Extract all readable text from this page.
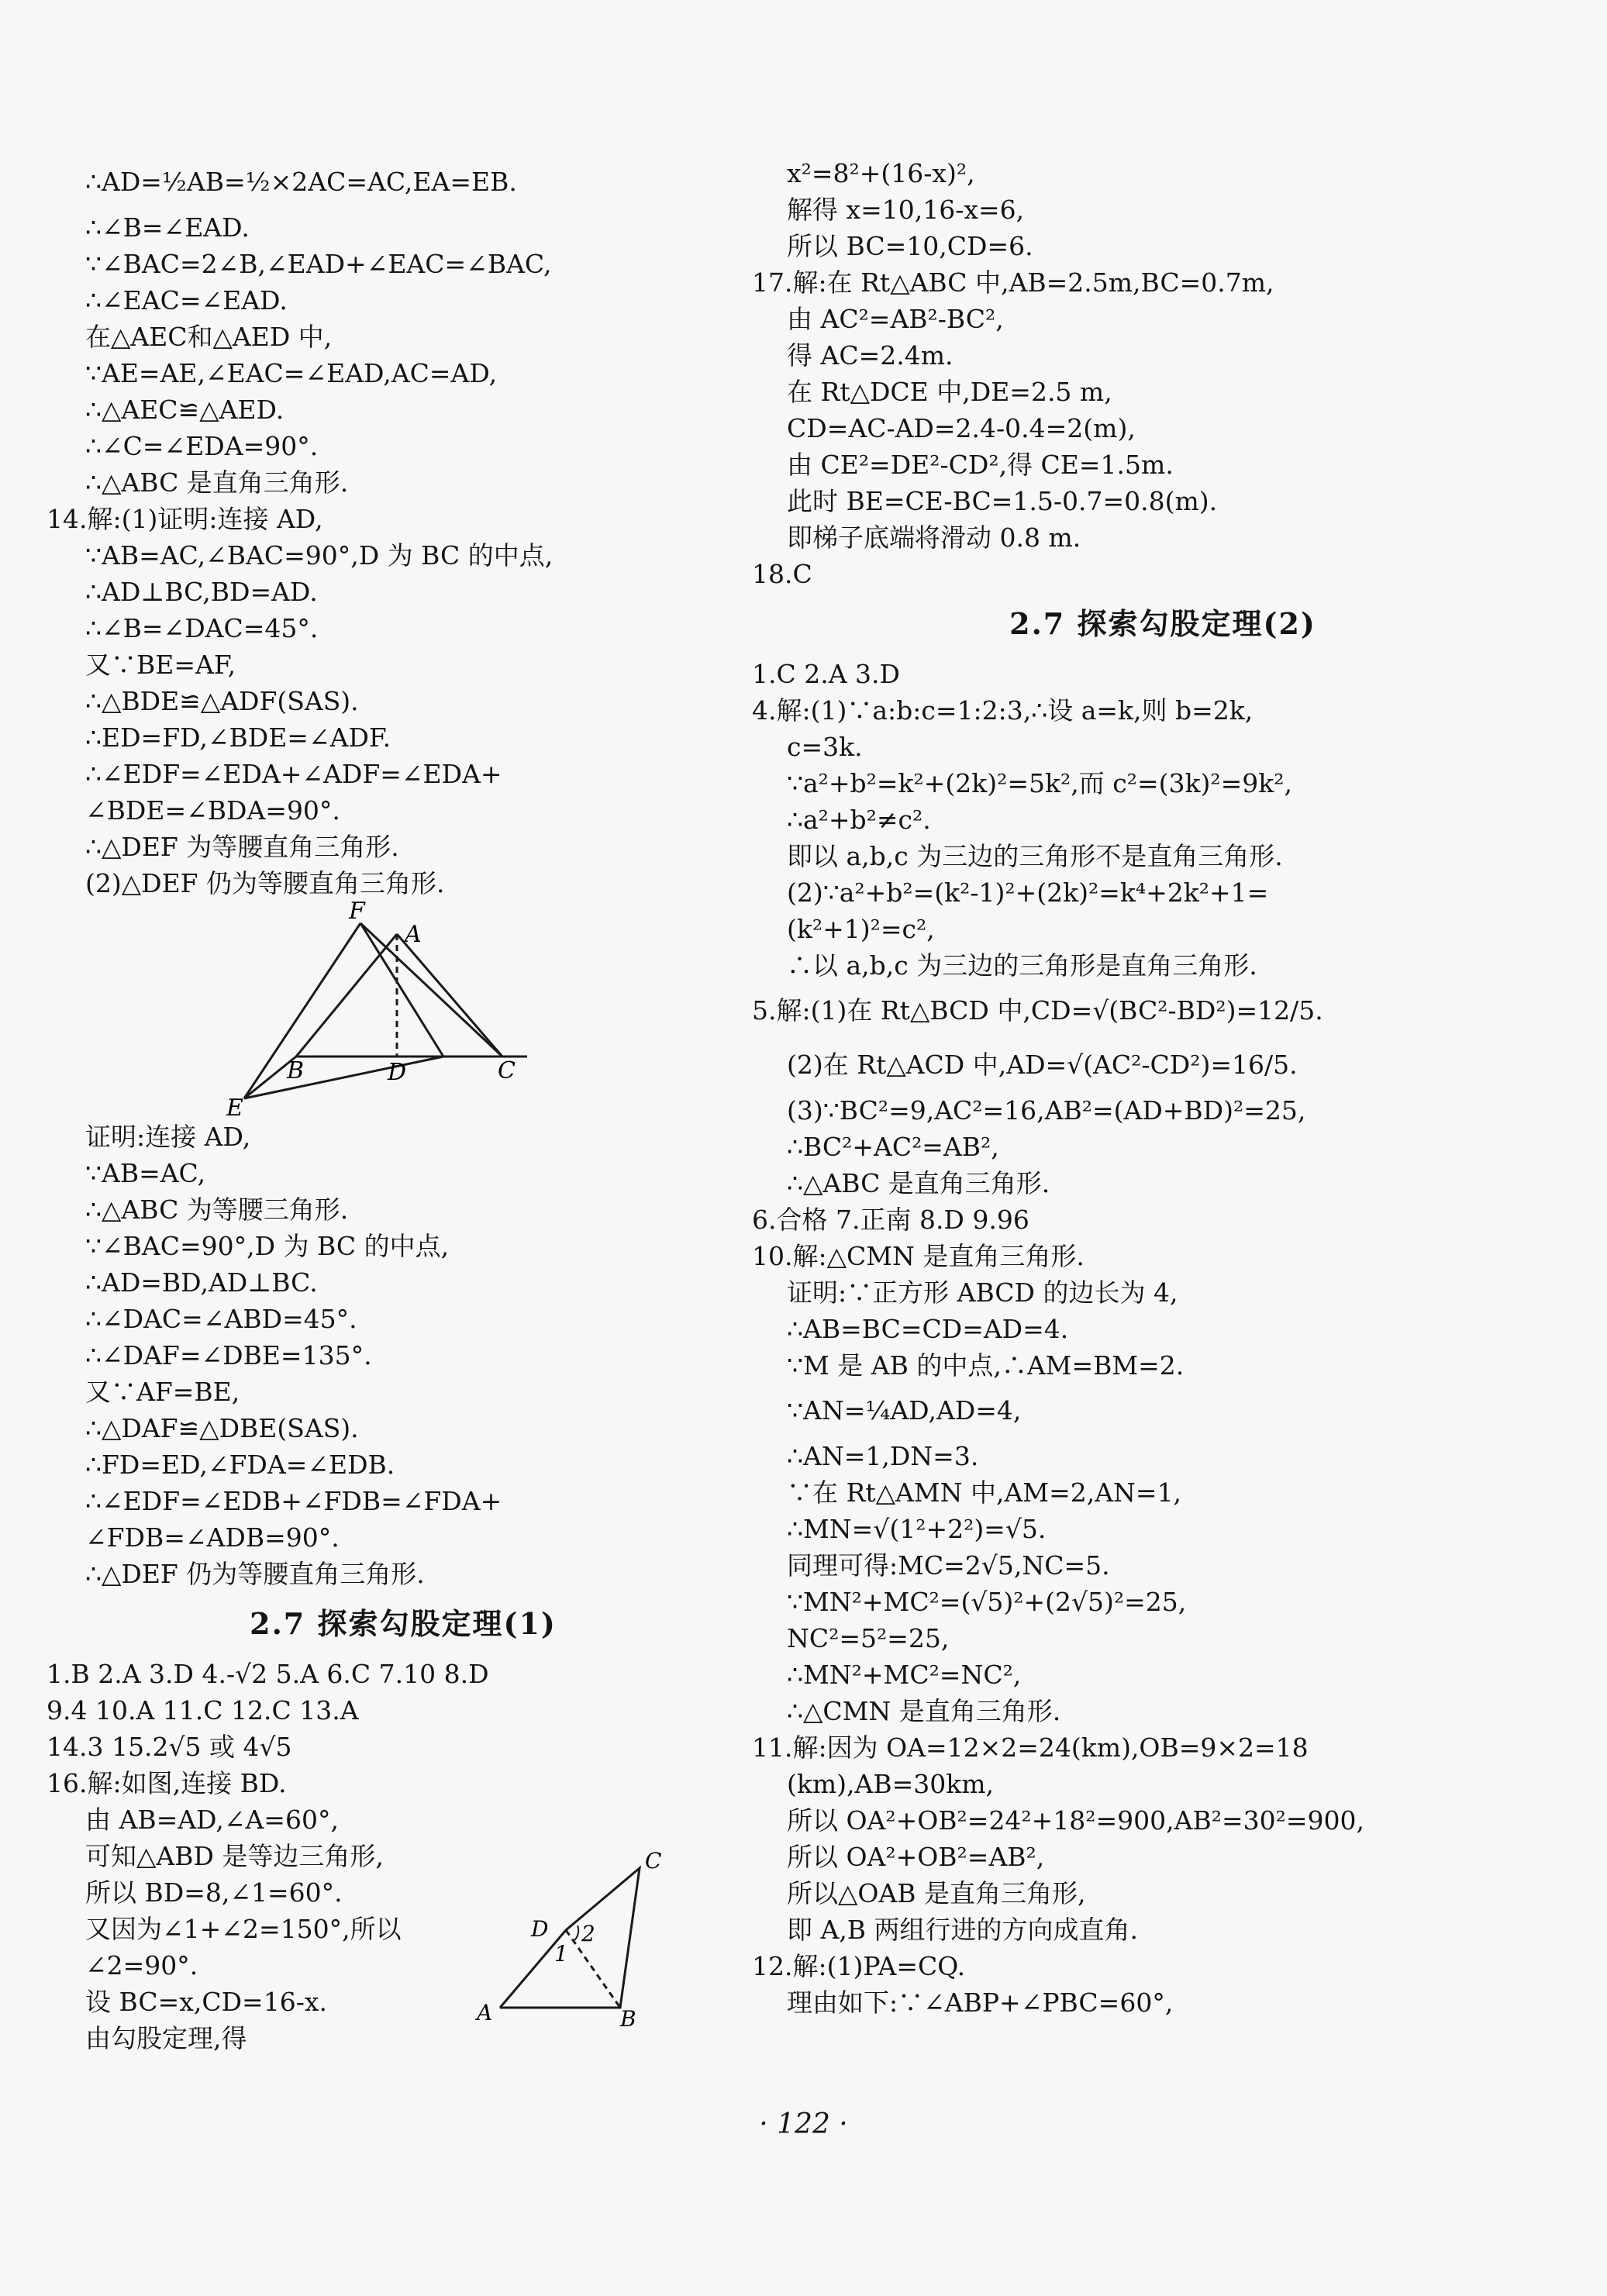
∴AD=½AB=½×2AC=AC,EA=EB.
∴∠B=∠EAD.
∵∠BAC=2∠B,∠EAD+∠EAC=∠BAC,
∴∠EAC=∠EAD.
在△AEC和△AED 中,
∵AE=AE,∠EAC=∠EAD,AC=AD,
∴△AEC≌△AED.
∴∠C=∠EDA=90°.
∴△ABC 是直角三角形.
14.解:(1)证明:连接 AD,
∵AB=AC,∠BAC=90°,D 为 BC 的中点,
∴AD⊥BC,BD=AD.
∴∠B=∠DAC=45°.
又∵BE=AF,
∴△BDE≌△ADF(SAS).
∴ED=FD,∠BDE=∠ADF.
∴∠EDF=∠EDA+∠ADF=∠EDA+
∠BDE=∠BDA=90°.
∴△DEF 为等腰直角三角形.
(2)△DEF 仍为等腰直角三角形.
F
A
B	D	C
E
证明:连接 AD,
∵AB=AC,
∴△ABC 为等腰三角形.
∵∠BAC=90°,D 为 BC 的中点,
∴AD=BD,AD⊥BC.
∴∠DAC=∠ABD=45°.
∴∠DAF=∠DBE=135°.
又∵AF=BE,
∴△DAF≌△DBE(SAS).
∴FD=ED,∠FDA=∠EDB.
∴∠EDF=∠EDB+∠FDB=∠FDA+
∠FDB=∠ADB=90°.
∴△DEF 仍为等腰直角三角形.
2.7 探索勾股定理(1)
1.B 2.A 3.D 4.-√2 5.A 6.C 7.10 8.D
9.4 10.A 11.C 12.C 13.A
14.3 15.2√5 或 4√5
16.解:如图,连接 BD.
由 AB=AD,∠A=60°,
可知△ABD 是等边三角形,
所以 BD=8,∠1=60°.
又因为∠1+∠2=150°,所以
∠2=90°.
设 BC=x,CD=16-x.
由勾股定理,得
C
D
A	B
1
2
x²=8²+(16-x)²,
解得 x=10,16-x=6,
所以 BC=10,CD=6.
17.解:在 Rt△ABC 中,AB=2.5m,BC=0.7m,
由 AC²=AB²-BC²,
得 AC=2.4m.
在 Rt△DCE 中,DE=2.5 m,
CD=AC-AD=2.4-0.4=2(m),
由 CE²=DE²-CD²,得 CE=1.5m.
此时 BE=CE-BC=1.5-0.7=0.8(m).
即梯子底端将滑动 0.8 m.
18.C
2.7 探索勾股定理(2)
1.C 2.A 3.D
4.解:(1)∵a:b:c=1:2:3,∴设 a=k,则 b=2k,
c=3k.
∵a²+b²=k²+(2k)²=5k²,而 c²=(3k)²=9k²,
∴a²+b²≠c².
即以 a,b,c 为三边的三角形不是直角三角形.
(2)∵a²+b²=(k²-1)²+(2k)²=k⁴+2k²+1=
(k²+1)²=c²,
∴以 a,b,c 为三边的三角形是直角三角形.
5.解:(1)在 Rt△BCD 中,CD=√(BC²-BD²)=12/5.
(2)在 Rt△ACD 中,AD=√(AC²-CD²)=16/5.
(3)∵BC²=9,AC²=16,AB²=(AD+BD)²=25,
∴BC²+AC²=AB²,
∴△ABC 是直角三角形.
6.合格 7.正南 8.D 9.96
10.解:△CMN 是直角三角形.
证明:∵正方形 ABCD 的边长为 4,
∴AB=BC=CD=AD=4.
∵M 是 AB 的中点,∴AM=BM=2.
∵AN=¼AD,AD=4,
∴AN=1,DN=3.
∵在 Rt△AMN 中,AM=2,AN=1,
∴MN=√(1²+2²)=√5.
同理可得:MC=2√5,NC=5.
∵MN²+MC²=(√5)²+(2√5)²=25,
NC²=5²=25,
∴MN²+MC²=NC²,
∴△CMN 是直角三角形.
11.解:因为 OA=12×2=24(km),OB=9×2=18
(km),AB=30km,
所以 OA²+OB²=24²+18²=900,AB²=30²=900,
所以 OA²+OB²=AB²,
所以△OAB 是直角三角形,
即 A,B 两组行进的方向成直角.
12.解:(1)PA=CQ.
理由如下:∵∠ABP+∠PBC=60°,
· 122 ·
